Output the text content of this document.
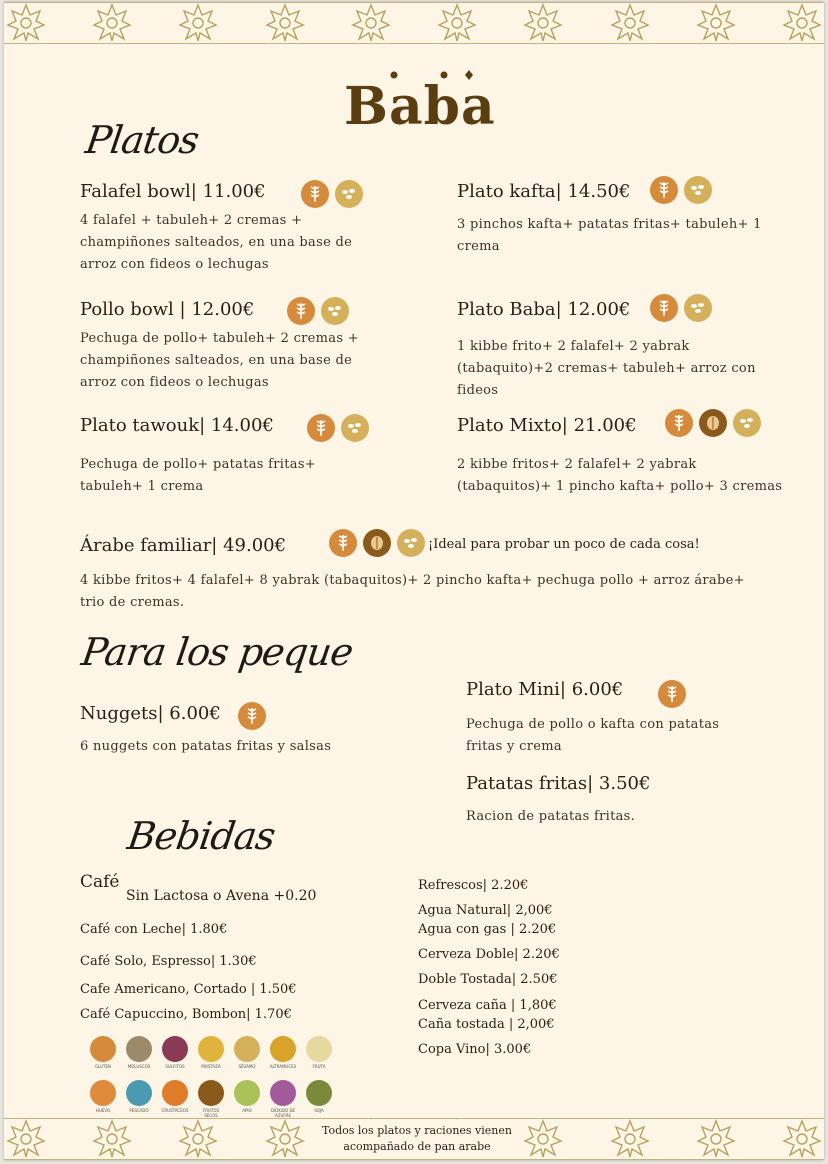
Baba
Platos
Para los peque
Bebidas
Falafel bowl| 11.00€
4 falafel + tabuleh+ 2 cremas + champiñones salteados, en una base de arroz con fideos o lechugas
Pollo bowl | 12.00€
Pechuga de pollo+ tabuleh+ 2 cremas + champiñones salteados, en una base de arroz con fideos o lechugas
Plato tawouk| 14.00€
Pechuga de pollo+ patatas fritas+ tabuleh+ 1 crema
Plato kafta| 14.50€
3 pinchos kafta+ patatas fritas+ tabuleh+ 1 crema
Plato Baba| 12.00€
1 kibbe frito+ 2 falafel+ 2 yabrak (tabaquito)+2 cremas+ tabuleh+ arroz con fideos
Plato Mixto| 21.00€
2 kibbe fritos+ 2 falafel+ 2 yabrak (tabaquitos)+ 1 pincho kafta+ pollo+ 3 cremas
Árabe familiar| 49.00€
4 kibbe fritos+ 4 falafel+ 8 yabrak (tabaquitos)+ 2 pincho kafta+ pechuga pollo + arroz árabe+ trio de cremas.
¡Ideal para probar un poco de cada cosa!
Nuggets| 6.00€
6 nuggets con patatas fritas y salsas
Plato Mini| 6.00€
Pechuga de pollo o kafta con patatas fritas y crema
Patatas fritas| 3.50€
Racion de patatas fritas.
Café
Sin Lactosa o Avena +0.20
Café con Leche| 1.80€
Café Solo, Espresso| 1.30€
Cafe Americano, Cortado | 1.50€
Café Capuccino, Bombon| 1.70€
Refrescos| 2.20€
Agua Natural| 2,00€
Agua con gas | 2.20€
Cerveza Doble| 2.20€
Doble Tostada| 2.50€
Cerveza caña | 1,80€
Caña tostada | 2,00€
Copa Vino| 3.00€
GLUTEN	MOLUSCOS	SULFITOS	MOSTAZA	SÉSAMO	ALTRAMUCES	FRUTA
HUEVO	PESCADO	CRUSTÁCEOS	FRUTOS SECOS
APIO	DIÓXIDO DE AZUFRE
SOJA
Todos los platos y raciones vienen acompañado de pan arabe
